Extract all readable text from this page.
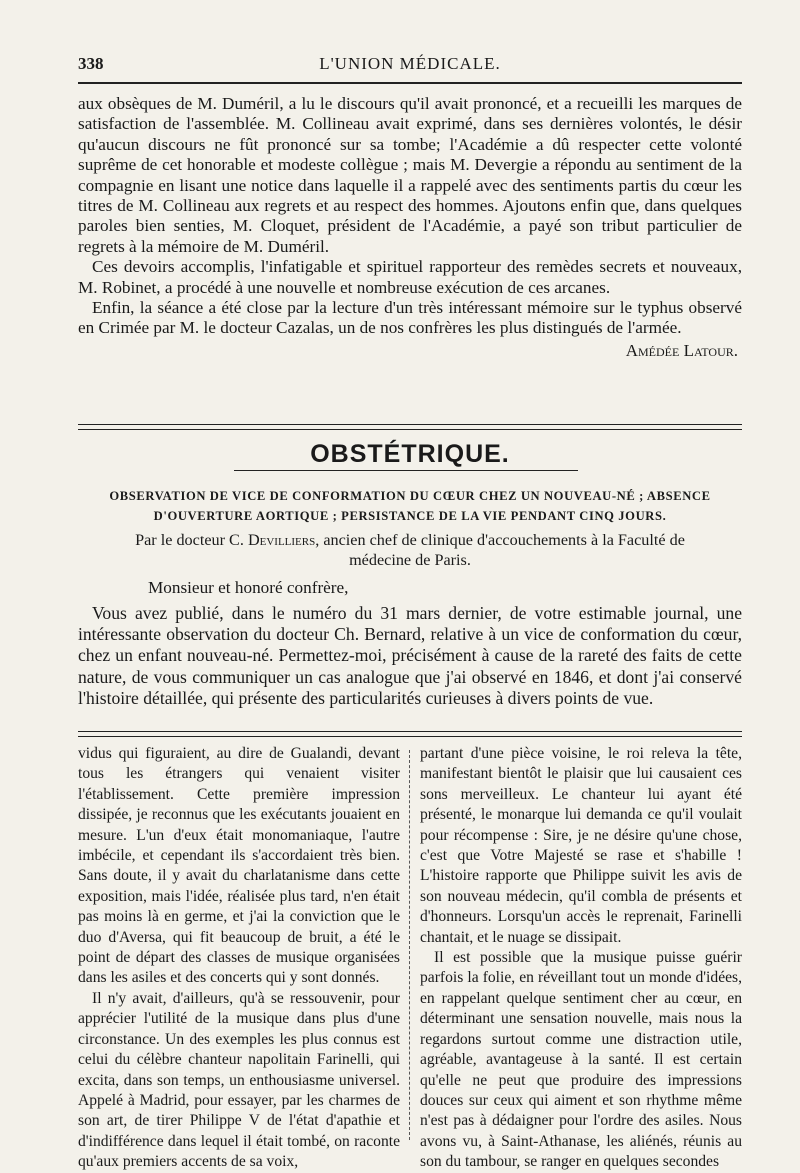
338	L'UNION MÉDICALE.

aux obsèques de M. Duméril, a lu le discours qu'il avait prononcé, et a recueilli les marques de satisfaction de l'assemblée. M. Collineau avait exprimé, dans ses dernières volontés, le désir qu'aucun discours ne fût prononcé sur sa tombe; l'Académie a dû respecter cette volonté suprême de cet honorable et modeste collègue ; mais M. Devergie a répondu au sentiment de la compagnie en lisant une notice dans laquelle il a rappelé avec des sentiments partis du cœur les titres de M. Collineau aux regrets et au respect des hommes. Ajoutons enfin que, dans quelques paroles bien senties, M. Cloquet, président de l'Académie, a payé son tribut particulier de regrets à la mémoire de M. Duméril.

Ces devoirs accomplis, l'infatigable et spirituel rapporteur des remèdes secrets et nouveaux, M. Robinet, a procédé à une nouvelle et nombreuse exécution de ces arcanes.

Enfin, la séance a été close par la lecture d'un très intéressant mémoire sur le typhus observé en Crimée par M. le docteur Cazalas, un de nos confrères les plus distingués de l'armée.

Amédée Latour.
OBSTÉTRIQUE.
OBSERVATION DE VICE DE CONFORMATION DU CŒUR CHEZ UN NOUVEAU-NÉ ; ABSENCE
D'OUVERTURE AORTIQUE ; PERSISTANCE DE LA VIE PENDANT CINQ JOURS.
Par le docteur C. Devilliers, ancien chef de clinique d'accouchements à la Faculté de
médecine de Paris.
Monsieur et honoré confrère,

Vous avez publié, dans le numéro du 31 mars dernier, de votre estimable journal, une intéressante observation du docteur Ch. Bernard, relative à un vice de conformation du cœur, chez un enfant nouveau-né. Permettez-moi, précisément à cause de la rareté des faits de cette nature, de vous communiquer un cas analogue que j'ai observé en 1846, et dont j'ai conservé l'histoire détaillée, qui présente des particularités curieuses à divers points de vue.

vidus qui figuraient, au dire de Gualandi, devant tous les étrangers qui venaient visiter l'établissement. Cette première impression dissipée, je reconnus que les exécutants jouaient en mesure. L'un d'eux était monomaniaque, l'autre imbécile, et cependant ils s'accordaient très bien. Sans doute, il y avait du charlatanisme dans cette exposition, mais l'idée, réalisée plus tard, n'en était pas moins là en germe, et j'ai la conviction que le duo d'Aversa, qui fit beaucoup de bruit, a été le point de départ des classes de musique organisées dans les asiles et des concerts qui y sont donnés.

Il n'y avait, d'ailleurs, qu'à se ressouvenir, pour apprécier l'utilité de la musique dans plus d'une circonstance. Un des exemples les plus connus est celui du célèbre chanteur napolitain Farinelli, qui excita, dans son temps, un enthousiasme universel. Appelé à Madrid, pour essayer, par les charmes de son art, de tirer Philippe V de l'état d'apathie et d'indifférence dans lequel il était tombé, on raconte qu'aux premiers accents de sa voix,

partant d'une pièce voisine, le roi releva la tête, manifestant bientôt le plaisir que lui causaient ces sons merveilleux. Le chanteur lui ayant été présenté, le monarque lui demanda ce qu'il voulait pour récompense : Sire, je ne désire qu'une chose, c'est que Votre Majesté se rase et s'habille ! L'histoire rapporte que Philippe suivit les avis de son nouveau médecin, qu'il combla de présents et d'honneurs. Lorsqu'un accès le reprenait, Farinelli chantait, et le nuage se dissipait.

Il est possible que la musique puisse guérir parfois la folie, en réveillant tout un monde d'idées, en rappelant quelque sentiment cher au cœur, en déterminant une sensation nouvelle, mais nous la regardons surtout comme une distraction utile, agréable, avantageuse à la santé. Il est certain qu'elle ne peut que produire des impressions douces sur ceux qui aiment et son rhythme même n'est pas à dédaigner pour l'ordre des asiles. Nous avons vu, à Saint-Athanase, les aliénés, réunis au son du tambour, se ranger en quelques secondes
